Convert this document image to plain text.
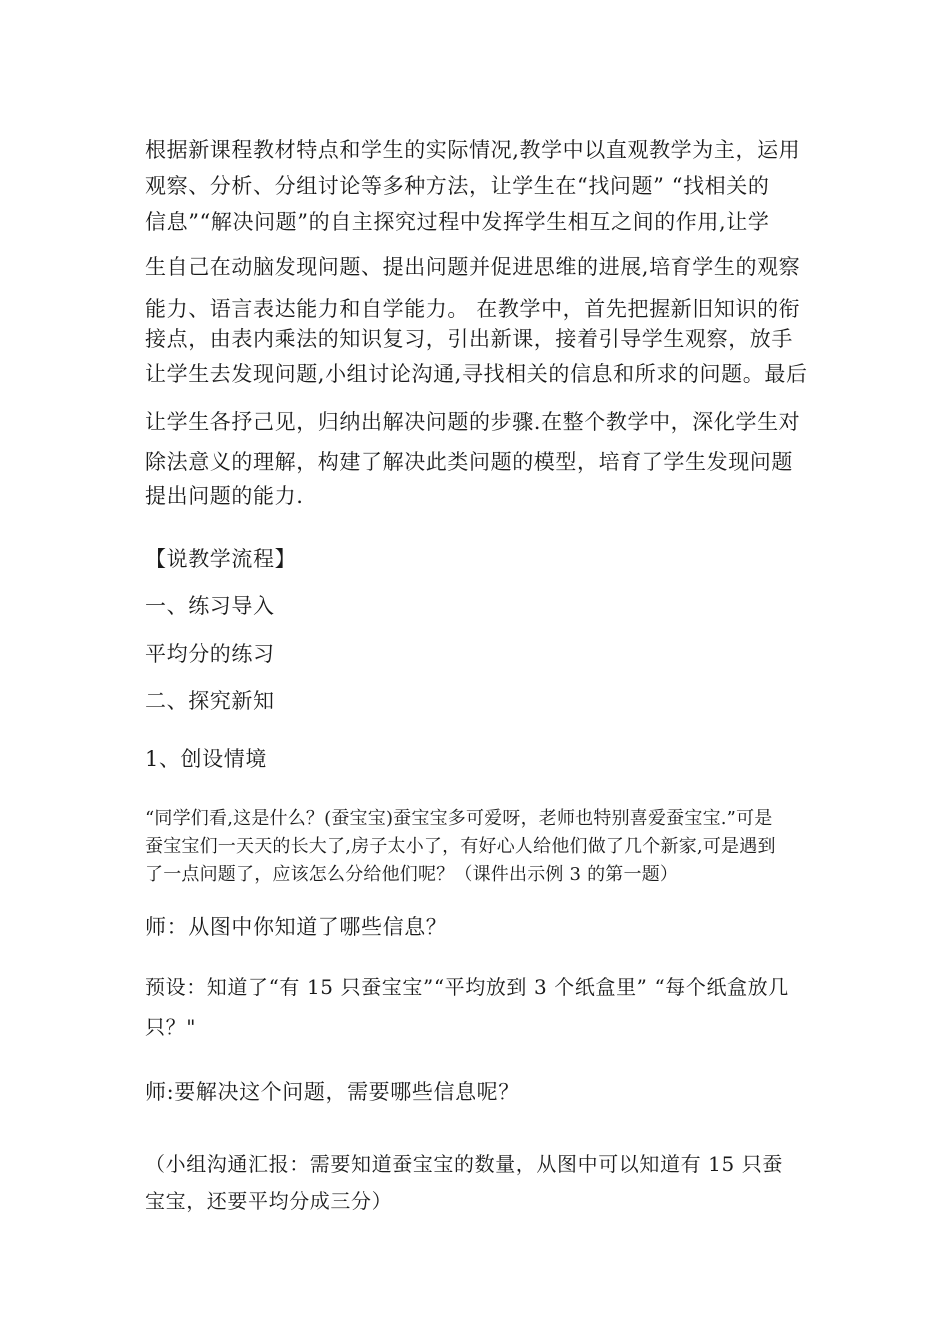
根据新课程教材特点和学生的实际情况,教学中以直观教学为主，运用
观察、分析、分组讨论等多种方法，让学生在“找问题” “找相关的
信息”“解决问题”的自主探究过程中发挥学生相互之间的作用,让学
生自己在动脑发现问题、提出问题并促进思维的进展,培育学生的观察
能力、语言表达能力和自学能力。 在教学中，首先把握新旧知识的衔
接点，由表内乘法的知识复习，引出新课，接着引导学生观察，放手
让学生去发现问题,小组讨论沟通,寻找相关的信息和所求的问题。最后
让学生各抒己见，归纳出解决问题的步骤.在整个教学中，深化学生对
除法意义的理解，构建了解决此类问题的模型，培育了学生发现问题
提出问题的能力.
【说教学流程】
一、练习导入
平均分的练习
二、探究新知
1、创设情境
“同学们看,这是什么？(蚕宝宝)蚕宝宝多可爱呀，老师也特别喜爱蚕宝宝.”可是
蚕宝宝们一天天的长大了,房子太小了，有好心人给他们做了几个新家,可是遇到
了一点问题了，应该怎么分给他们呢？（课件出示例 3 的第一题）
师：从图中你知道了哪些信息？
预设：知道了“有 15 只蚕宝宝”“平均放到 3 个纸盒里” “每个纸盒放几
只？"
师:要解决这个问题，需要哪些信息呢？
（小组沟通汇报：需要知道蚕宝宝的数量，从图中可以知道有 15 只蚕
宝宝，还要平均分成三分）
